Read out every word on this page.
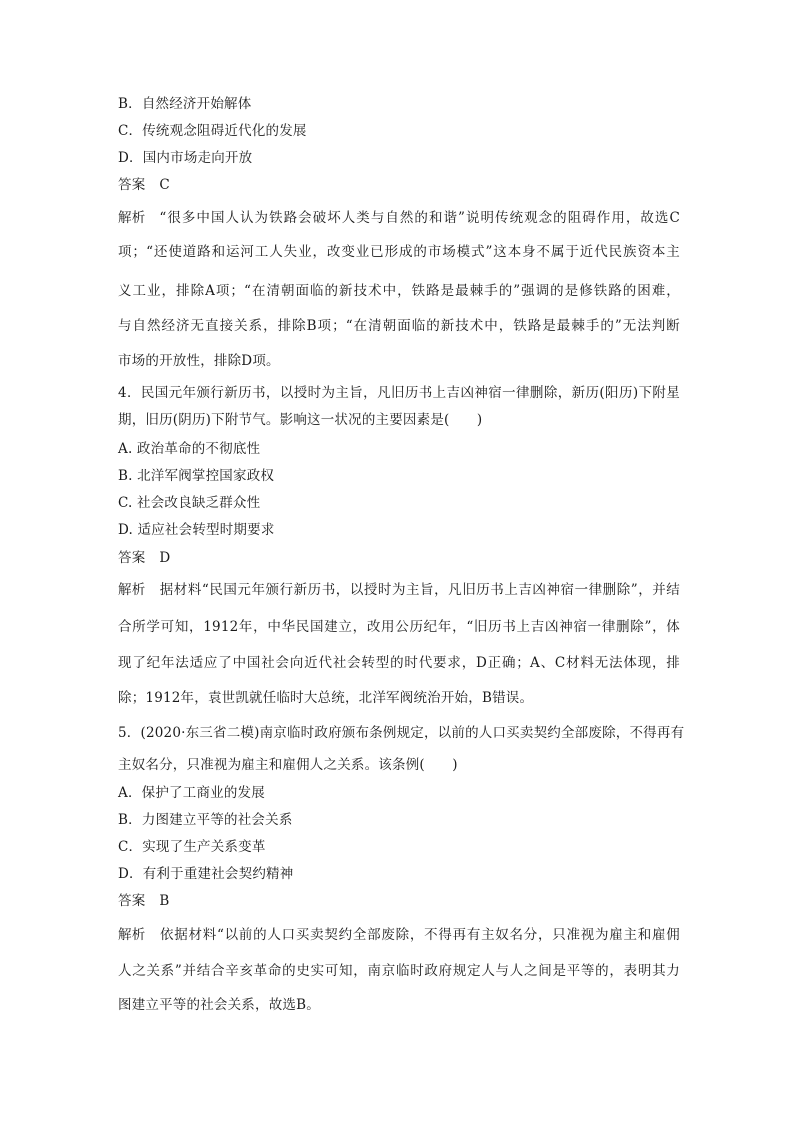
B．自然经济开始解体
C．传统观念阻碍近代化的发展
D．国内市场走向开放
答案 C
解析 “很多中国人认为铁路会破坏人类与自然的和谐”说明传统观念的阻碍作用，故选C
项；“还使道路和运河工人失业，改变业已形成的市场模式”这本身不属于近代民族资本主
义工业，排除A项；“在清朝面临的新技术中，铁路是最棘手的”强调的是修铁路的困难，
与自然经济无直接关系，排除B项；“在清朝面临的新技术中，铁路是最棘手的”无法判断
市场的开放性，排除D项。
4．民国元年颁行新历书，以授时为主旨，凡旧历书上吉凶神宿一律删除，新历(阳历)下附星
期，旧历(阴历)下附节气。影响这一状况的主要因素是(　　)
A. 政治革命的不彻底性
B. 北洋军阀掌控国家政权
C. 社会改良缺乏群众性
D. 适应社会转型时期要求
答案 D
解析 据材料“民国元年颁行新历书，以授时为主旨，凡旧历书上吉凶神宿一律删除”，并结
合所学可知，1912年，中华民国建立，改用公历纪年，“旧历书上吉凶神宿一律删除”，体
现了纪年法适应了中国社会向近代社会转型的时代要求，D正确；A、C材料无法体现，排
除；1912年，袁世凯就任临时大总统，北洋军阀统治开始，B错误。
5．(2020·东三省二模)南京临时政府颁布条例规定，以前的人口买卖契约全部废除，不得再有
主奴名分，只准视为雇主和雇佣人之关系。该条例(　　)
A．保护了工商业的发展
B．力图建立平等的社会关系
C．实现了生产关系变革
D．有利于重建社会契约精神
答案 B
解析 依据材料“以前的人口买卖契约全部废除，不得再有主奴名分，只准视为雇主和雇佣
人之关系”并结合辛亥革命的史实可知，南京临时政府规定人与人之间是平等的，表明其力
图建立平等的社会关系，故选B。
